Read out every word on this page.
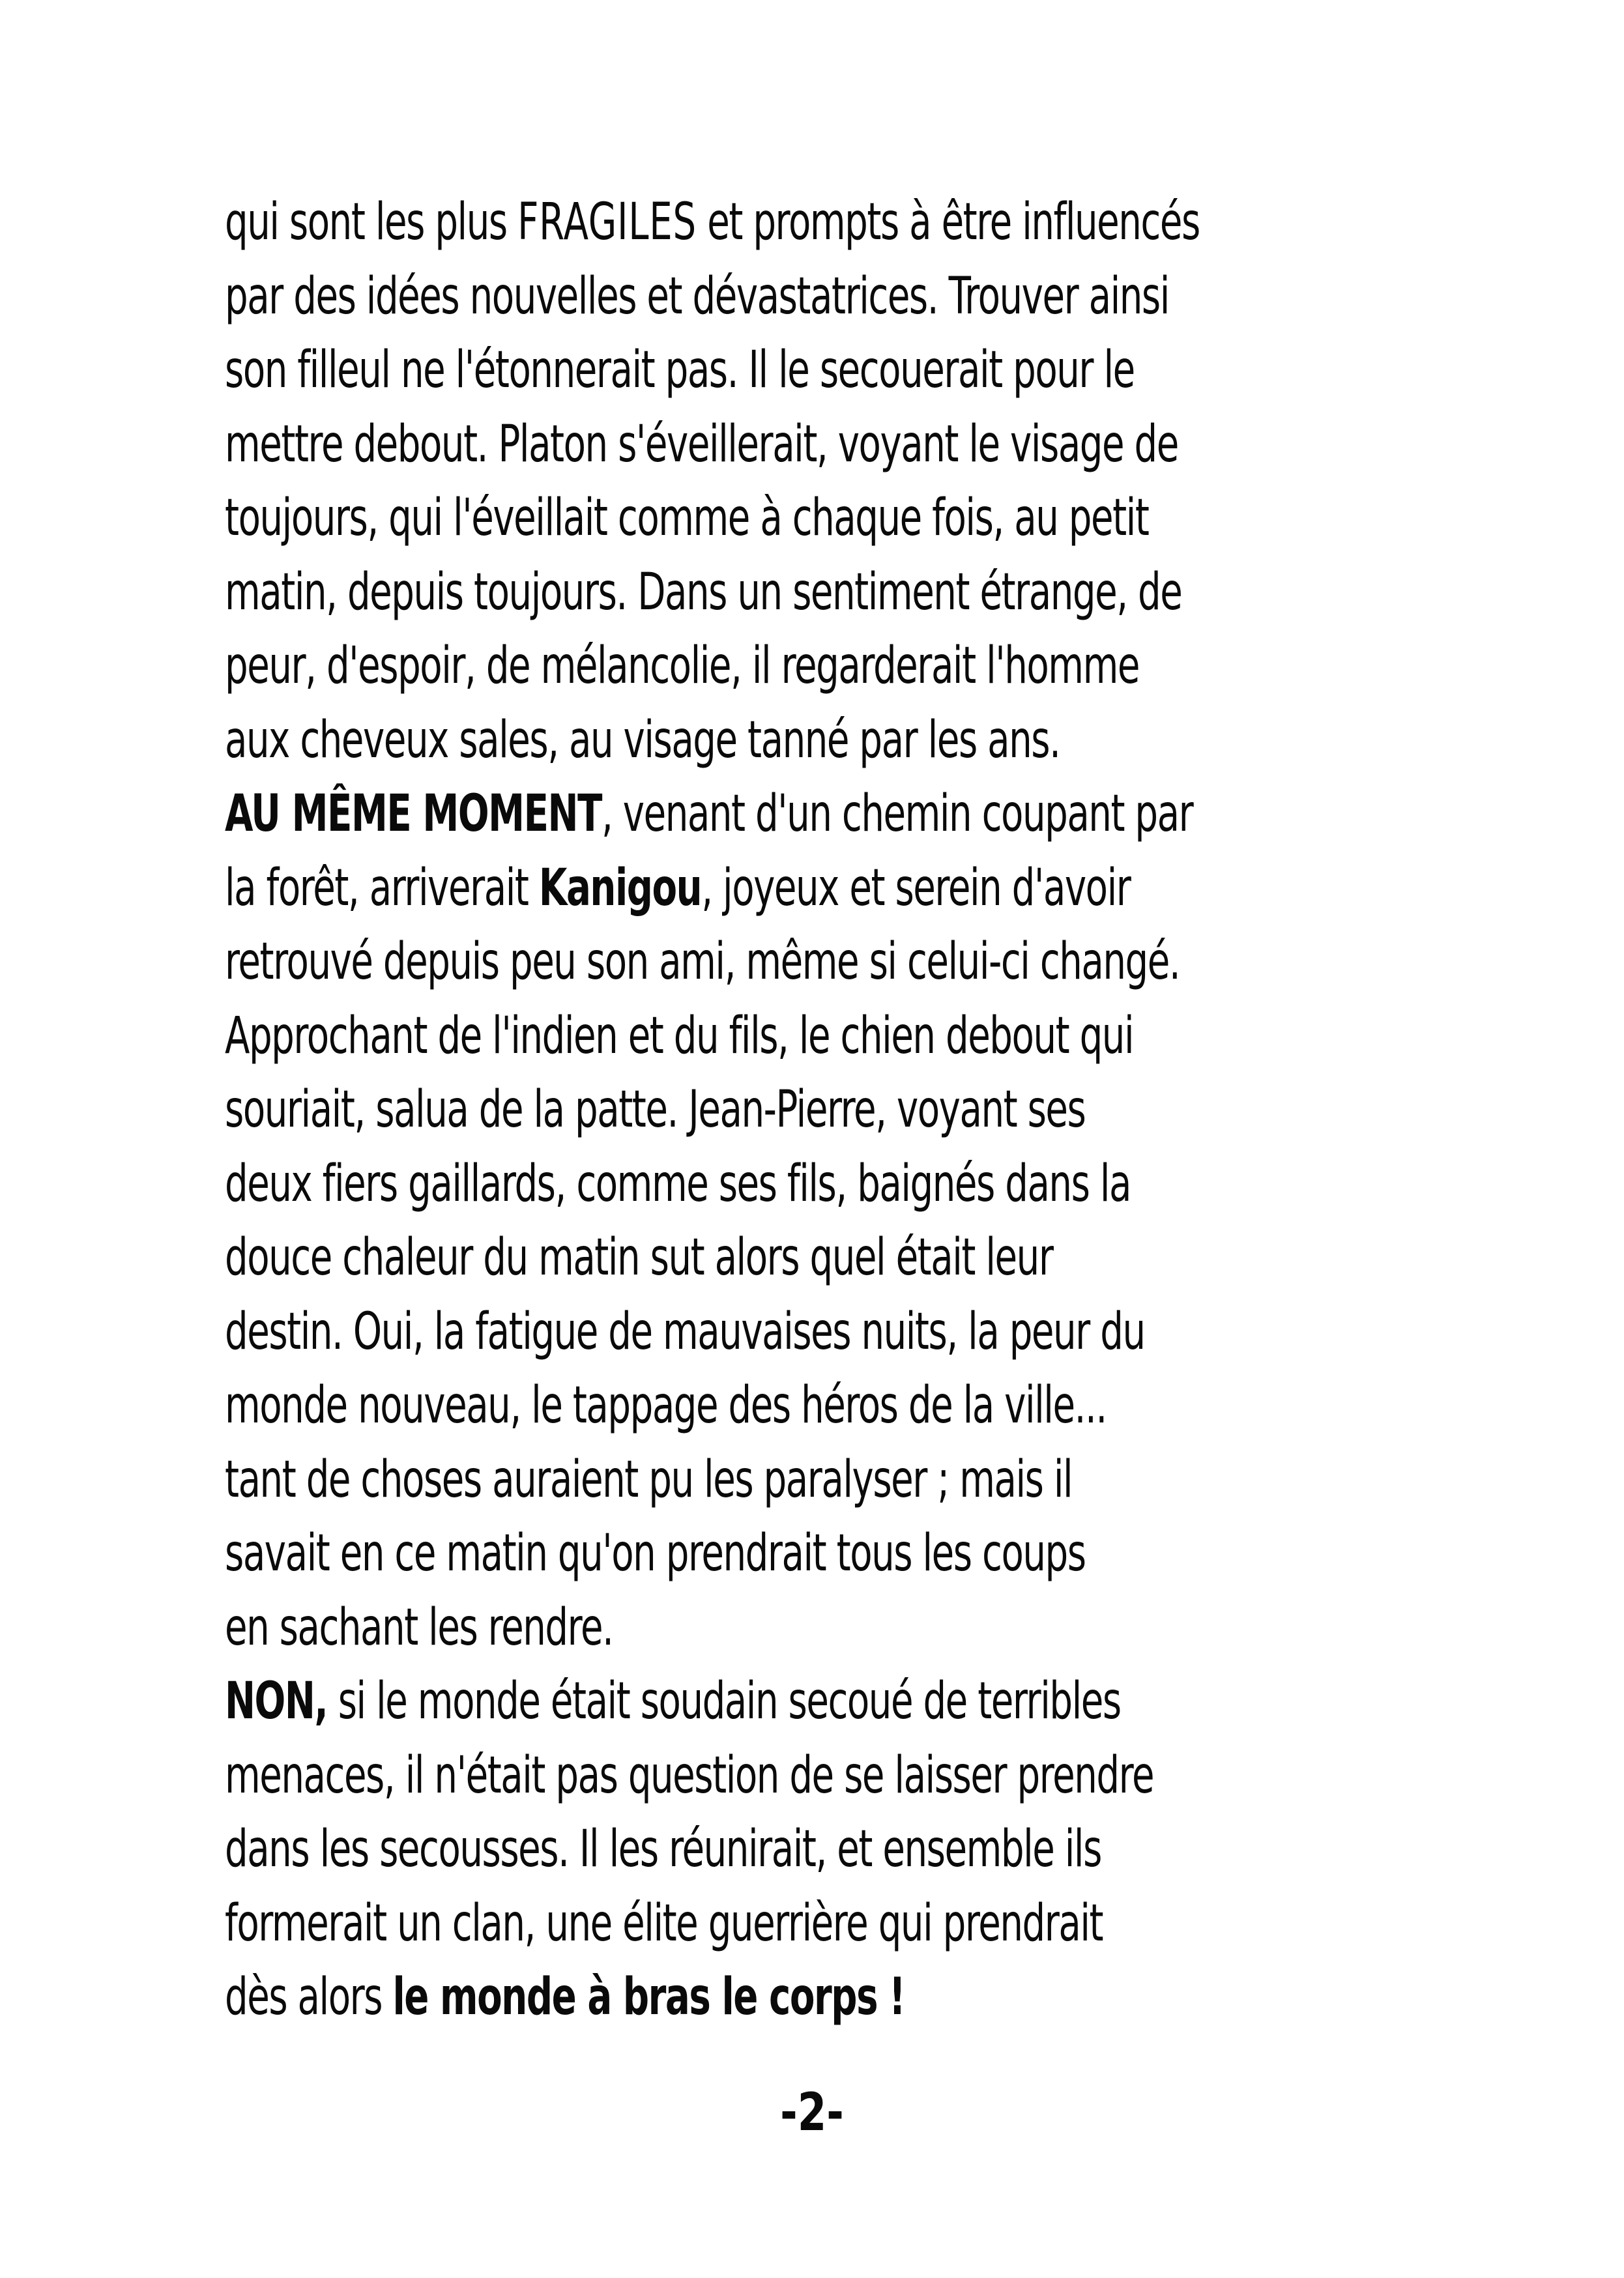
qui sont les plus FRAGILES et prompts à être influencés
par des idées nouvelles et dévastatrices. Trouver ainsi
son filleul ne l'étonnerait pas. Il le secouerait pour le
mettre debout. Platon s'éveillerait, voyant le visage de
toujours, qui l'éveillait comme à chaque fois, au petit
matin, depuis toujours. Dans un sentiment étrange, de
peur, d'espoir, de mélancolie, il regarderait l'homme
aux cheveux sales, au visage tanné par les ans.
AU MÊME MOMENT, venant d'un chemin coupant par
la forêt, arriverait Kanigou, joyeux et serein d'avoir
retrouvé depuis peu son ami, même si celui-ci changé.
Approchant de l'indien et du fils, le chien debout qui
souriait, salua de la patte. Jean-Pierre, voyant ses
deux fiers gaillards, comme ses fils, baignés dans la
douce chaleur du matin sut alors quel était leur
destin. Oui, la fatigue de mauvaises nuits, la peur du
monde nouveau, le tappage des héros de la ville...
tant de choses auraient pu les paralyser ; mais il
savait en ce matin qu'on prendrait tous les coups
en sachant les rendre.
NON, si le monde était soudain secoué de terribles
menaces, il n'était pas question de se laisser prendre
dans les secousses. Il les réunirait, et ensemble ils
formerait un clan, une élite guerrière qui prendrait
dès alors le monde à bras le corps !
-2-
